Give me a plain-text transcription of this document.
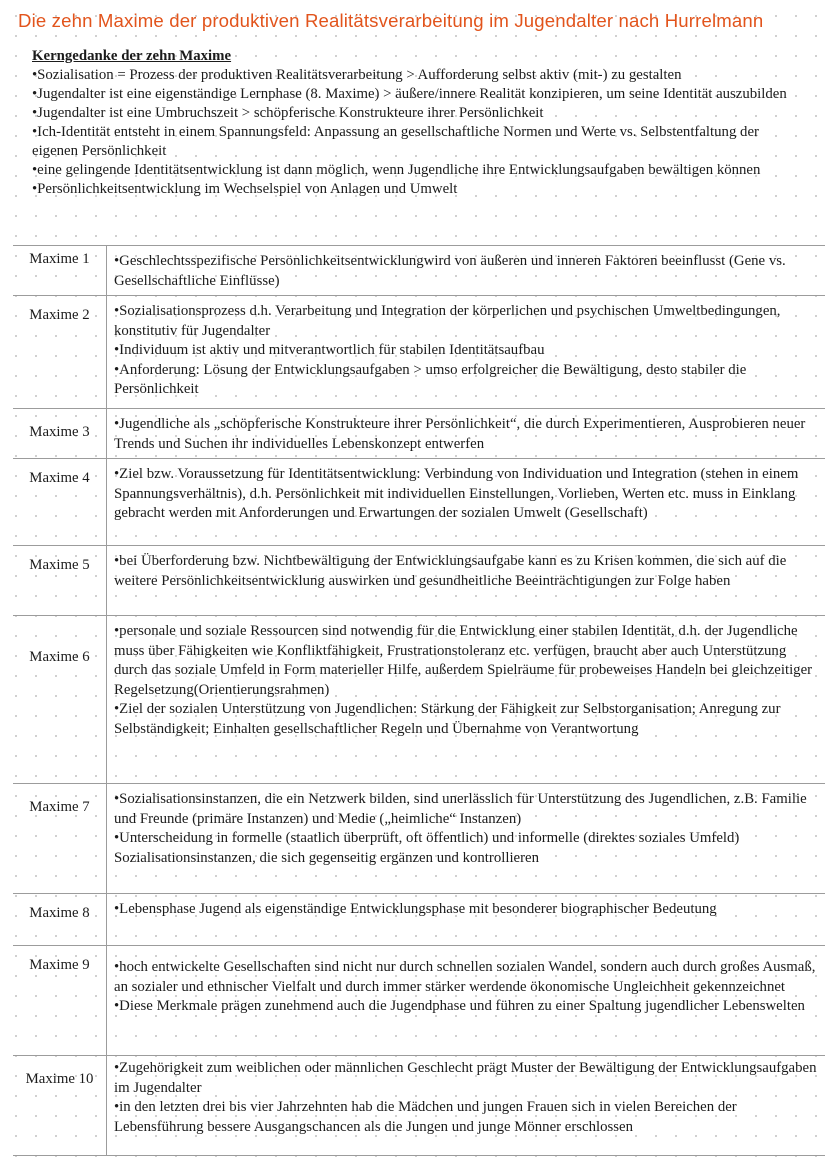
Die zehn Maxime der produktiven Realitätsverarbeitung im Jugendalter nach Hurrelmann

Kerngedanke der zehn Maxime

•Sozialisation = Prozess der produktiven Realitätsverarbeitung > Aufforderung selbst aktiv (mit-) zu gestalten

•Jugendalter ist eine eigenständige Lernphase (8. Maxime) > äußere/innere Realität konzipieren, um seine Identität auszubilden

•Jugendalter ist eine Umbruchszeit > schöpferische Konstrukteure ihrer Persönlichkeit

•Ich-Identität entsteht in einem Spannungsfeld: Anpassung an gesellschaftliche Normen und Werte vs. Selbstentfaltung der eigenen Persönlichkeit

•eine gelingende Identitätsentwicklung ist dann möglich, wenn Jugendliche ihre Entwicklungsaufgaben bewältigen können

•Persönlichkeitsentwicklung im Wechselspiel von Anlagen und Umwelt

Maxime 1	•Geschlechtsspezifische Persönlichkeitsentwicklungwird von äußeren und inneren Faktoren beeinflusst (Gene vs. Gesellschaftliche Einflüsse)

Maxime 2	•Sozialisationsprozess d.h. Verarbeitung und Integration der körperlichen und psychischen Umweltbedingungen, konstitutiv für Jugendalter

•Individuum ist aktiv und mitverantwortlich für stabilen Identitätsaufbau

•Anforderung: Lösung der Entwicklungsaufgaben > umso erfolgreicher die Bewältigung, desto stabiler die Persönlichkeit

Maxime 3	•Jugendliche als „schöpferische Konstrukteure ihrer Persönlichkeit“, die durch Experimentieren, Ausprobieren neuer Trends und Suchen ihr individuelles Lebenskonzept entwerfen

Maxime 4	•Ziel bzw. Voraussetzung für Identitätsentwicklung: Verbindung von Individuation und Integration (stehen in einem Spannungsverhältnis), d.h. Persönlichkeit mit individuellen Einstellungen, Vorlieben, Werten etc. muss in Einklang gebracht werden mit Anforderungen und Erwartungen der sozialen Umwelt (Gesellschaft)

Maxime 5	•bei Überforderung bzw. Nichtbewältigung der Entwicklungsaufgabe kann es zu Krisen kommen, die sich auf die weitere Persönlichkeitsentwicklung auswirken und gesundheitliche Beeinträchtigungen zur Folge haben

Maxime 6	•personale und soziale Ressourcen sind notwendig für die Entwicklung einer stabilen Identität, d.h. der Jugendliche muss über Fähigkeiten wie Konfliktfähigkeit, Frustrationstoleranz etc. verfügen, braucht aber auch Unterstützung durch das soziale Umfeld in Form materieller Hilfe, außerdem Spielräume für probeweises Handeln bei gleichzeitiger Regelsetzung(Orientierungsrahmen)

•Ziel der sozialen Unterstützung von Jugendlichen: Stärkung der Fähigkeit zur Selbstorganisation; Anregung zur Selbständigkeit; Einhalten gesellschaftlicher Regeln und Übernahme von Verantwortung

Maxime 7	•Sozialisationsinstanzen, die ein Netzwerk bilden, sind unerlässlich für Unterstützung des Jugendlichen, z.B. Familie und Freunde (primäre Instanzen) und Medie („heimliche“ Instanzen)

•Unterscheidung in formelle (staatlich überprüft, oft öffentlich) und informelle (direktes soziales Umfeld) Sozialisationsinstanzen, die sich gegenseitig ergänzen und kontrollieren

Maxime 8	•Lebensphase Jugend als eigenständige Entwicklungsphase mit besonderer biographischer Bedeutung

Maxime 9	•hoch entwickelte Gesellschaften sind nicht nur durch schnellen sozialen Wandel, sondern auch durch großes Ausmaß, an sozialer und ethnischer Vielfalt und durch immer stärker werdende ökonomische Ungleichheit gekennzeichnet

•Diese Merkmale prägen zunehmend auch die Jugendphase und führen zu einer Spaltung jugendlicher Lebenswelten

Maxime 10	•Zugehörigkeit zum weiblichen oder männlichen Geschlecht prägt Muster der Bewältigung der Entwicklungsaufgaben im Jugendalter

•in den letzten drei bis vier Jahrzehnten hab die Mädchen und jungen Frauen sich in vielen Bereichen der Lebensführung bessere Ausgangschancen als die Jungen und junge Mönner erschlossen
